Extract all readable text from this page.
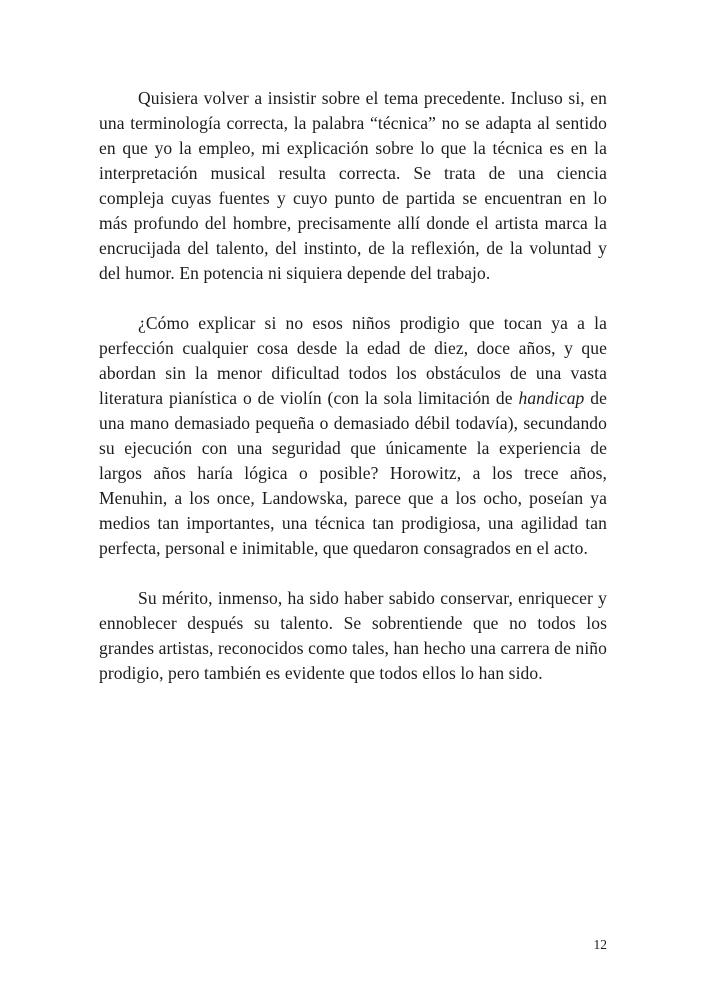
Quisiera volver a insistir sobre el tema precedente. Incluso si, en una terminología correcta, la palabra “técnica” no se adapta al sentido en que yo la empleo, mi explicación sobre lo que la técnica es en la interpretación musical resulta correcta. Se trata de una ciencia compleja cuyas fuentes y cuyo punto de partida se encuentran en lo más profundo del hombre, precisamente allí donde el artista marca la encrucijada del talento, del instinto, de la reflexión, de la voluntad y del humor. En potencia ni siquiera depende del trabajo.

¿Cómo explicar si no esos niños prodigio que tocan ya a la perfección cualquier cosa desde la edad de diez, doce años, y que abordan sin la menor dificultad todos los obstáculos de una vasta literatura pianística o de violín (con la sola limitación de handicap de una mano demasiado pequeña o demasiado débil todavía), secundando su ejecución con una seguridad que únicamente la experiencia de largos años haría lógica o posible? Horowitz, a los trece años, Menuhin, a los once, Landowska, parece que a los ocho, poseían ya medios tan importantes, una técnica tan prodigiosa, una agilidad tan perfecta, personal e inimitable, que quedaron consagrados en el acto.

Su mérito, inmenso, ha sido haber sabido conservar, enriquecer y ennoblecer después su talento. Se sobrentiende que no todos los grandes artistas, reconocidos como tales, han hecho una carrera de niño prodigio, pero también es evidente que todos ellos lo han sido.

12
